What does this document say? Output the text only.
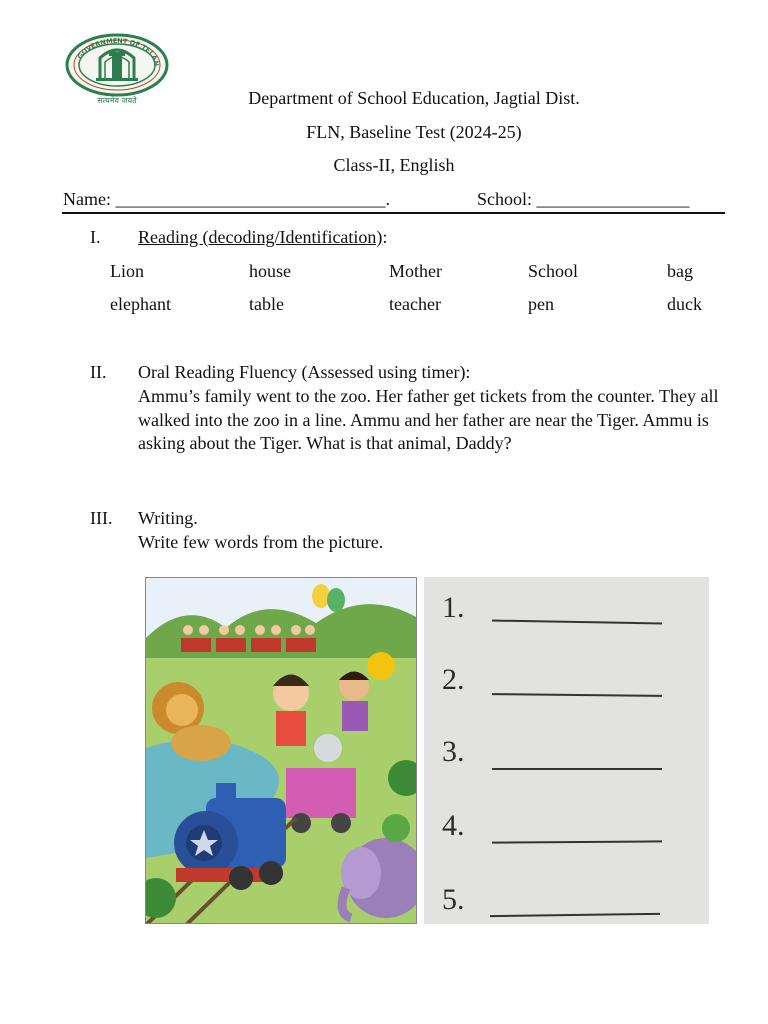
GOVERNMENT OF TELAN
सत्यमेव जयते	Department of School Education, Jagtial Dist.
FLN, Baseline Test (2024-25)
Class-II, English
Name: ______________________________.	School: _________________
I. Reading (decoding/Identification):
Lion	house	Mother	School	bag
elephant	table	teacher	pen	duck
II. Oral Reading Fluency (Assessed using timer):
Ammu’s family went to the zoo. Her father get tickets from the counter. They all walked into the zoo in a line. Ammu and her father are near the Tiger. Ammu is asking about the Tiger. What is that animal, Daddy?
III. Writing.
Write few words from the picture.
1.
2.
3.
4.
5.
